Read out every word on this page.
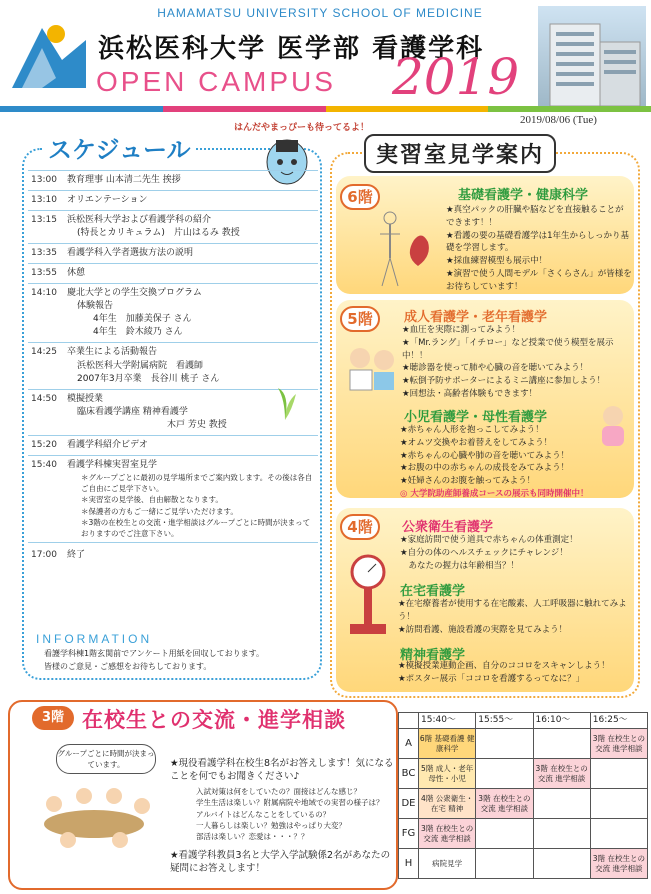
HAMAMATSU UNIVERSITY SCHOOL OF MEDICINE
浜松医科大学 医学部 看護学科
OPEN CAMPUS 2019
2019/08/06 (Tue)
スケジュール
はんだやまっぴーも待ってるよ！
13:00	教育理事 山本清二先生 挨拶

13:10	オリエンテーション

13:15	浜松医科大学および看護学科の紹介
(特長とカリキュラム)　片山はるみ 教授

13:35	看護学科入学者選抜方法の説明

13:55	休憩

14:10	慶北大学との学生交換プログラム
体験報告
4年生　加藤美保子 さん
4年生　鈴木綾乃 さん

14:25	卒業生による活動報告
浜松医科大学附属病院　看護師
2007年3月卒業　長谷川 桃子 さん

14:50	模擬授業
臨床看護学講座 精神看護学
木戸 芳史 教授

15:20	看護学科紹介ビデオ

15:40	看護学科棟実習室見学
＊グループごとに最初の見学場所までご案内致します。その後は各自ご自由にご見学下さい。
＊実習室の見学後、自由解散となります。
＊保護者の方もご一緒にご見学いただけます。
＊3階の在校生との交流・進学相談はグループごとに時間が決まっておりますのでご注意下さい。

17:00	終了
INFORMATION
看護学科棟1階玄関前でアンケート用紙を回収しております。
皆様のご意見・ご感想をお待ちしております。
実習室見学案内
6階	基礎看護学・健康科学
★真空パックの肝臓や脳などを直接触ることができます！！
★看護の要の基礎看護学は1年生からしっかり基礎を学習します。
★採血練習模型も展示中！
★演習で使う人間モデル「さくらさん」が皆様をお待ちしています！
5階	成人看護学・老年看護学
★血圧を実際に測ってみよう！
★「Mr.ラング」「イチロー」など授業で使う模型を展示中！！
★聴診器を使って肺や心臓の音を聴いてみよう！
★転倒予防サポーターによるミニ講座に参加しよう！
★回想法・高齢者体験もできます！
小児看護学・母性看護学
★赤ちゃん人形を抱っこしてみよう！
★オムツ交換やお着替えをしてみよう！
★赤ちゃんの心臓や肺の音を聴いてみよう！
★お腹の中の赤ちゃんの成長をみてみよう！
★妊婦さんのお腹を触ってみよう！
◎ 大学院助産師養成コースの展示も同時開催中！
4階	公衆衛生看護学
★家庭訪問で使う道具で赤ちゃんの体重測定！
★自分の体のヘルスチェックにチャレンジ！
　あなたの握力は年齢相当？！
在宅看護学
★在宅療養者が使用する在宅酸素、人工呼吸器に触れてみよう！
★訪問看護、施設看護の実際を見てみよう！
精神看護学
★模擬授業連動企画、自分のココロをスキャンしよう！
★ポスター展示「ココロを看護するってなに？」
3階 在校生との交流・進学相談
グループごとに時間が決まっています。	★現役看護学科在校生8名がお答えします！気になることを何でもお聞きください♪
入試対策は何をしていたの？面接はどんな感じ？
学生生活は楽しい？附属病院や地域での実習の様子は？
アルバイトはどんなことをしているの？
一人暮らしは楽しい？勉強はやっぱり大変？
部活は楽しい？恋愛は・・・？？
★看護学科教員3名と大学入学試験係2名があなたの疑問にお答えします！
	15:40～	15:55～	16:10～	16:25～
A	6階 基礎看護 健康科学			3階 在校生との交流 進学相談
BC	5階 成人・老年 母性・小児		3階 在校生との交流 進学相談	
DE	4階 公衆衛生・在宅 精神	3階 在校生との交流 進学相談		
FG	3階 在校生との交流 進学相談			
H	病院見学			3階 在校生との交流 進学相談
